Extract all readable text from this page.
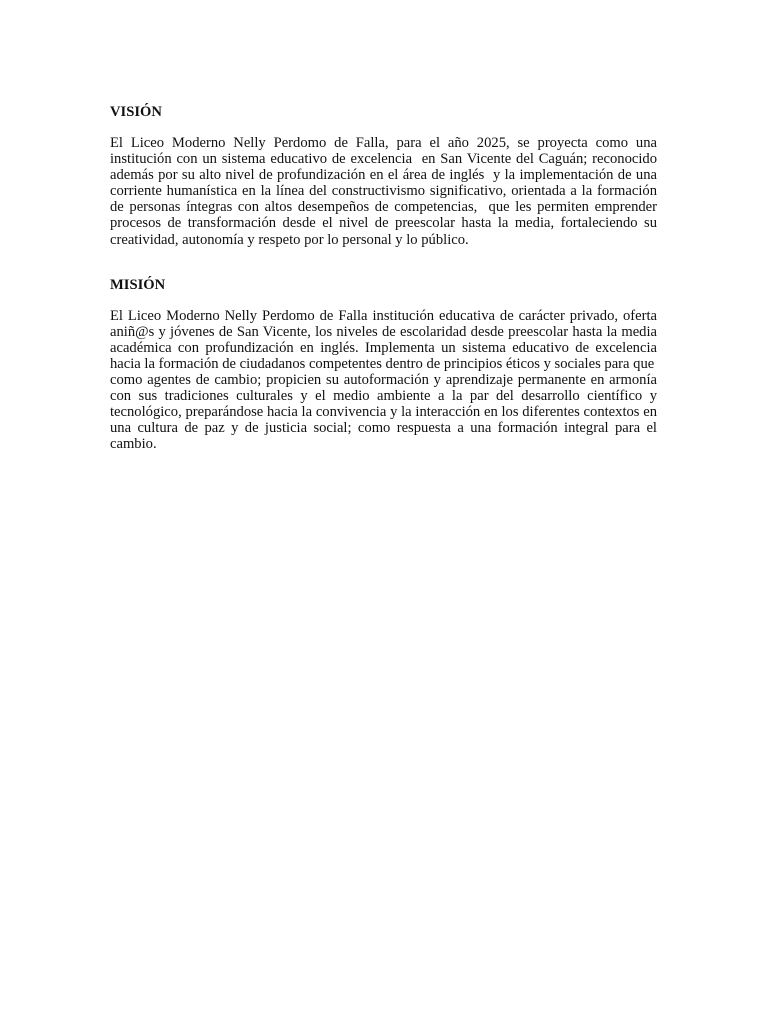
VISIÓN

El Liceo Moderno Nelly Perdomo de Falla, para el año 2025, se proyecta como una institución con un sistema educativo de excelencia  en San Vicente del Caguán; reconocido además por su alto nivel de profundización en el área de inglés  y la implementación de una corriente humanística en la línea del constructivismo significativo, orientada a la formación de personas íntegras con altos desempeños de competencias,  que les permiten emprender procesos de transformación desde el nivel de preescolar hasta la media, fortaleciendo su creatividad, autonomía y respeto por lo personal y lo público.

MISIÓN

El Liceo Moderno Nelly Perdomo de Falla institución educativa de carácter privado, oferta aniñ@s y jóvenes de San Vicente, los niveles de escolaridad desde preescolar hasta la media académica con profundización en inglés. Implementa un sistema educativo de excelencia hacia la formación de ciudadanos competentes dentro de principios éticos y sociales para que

como agentes de cambio; propicien su autoformación y aprendizaje permanente en armonía con sus tradiciones culturales y el medio ambiente a la par del desarrollo científico y tecnológico, preparándose hacia la convivencia y la interacción en los diferentes contextos en una cultura de paz y de justicia social; como respuesta a una formación integral para el cambio.
